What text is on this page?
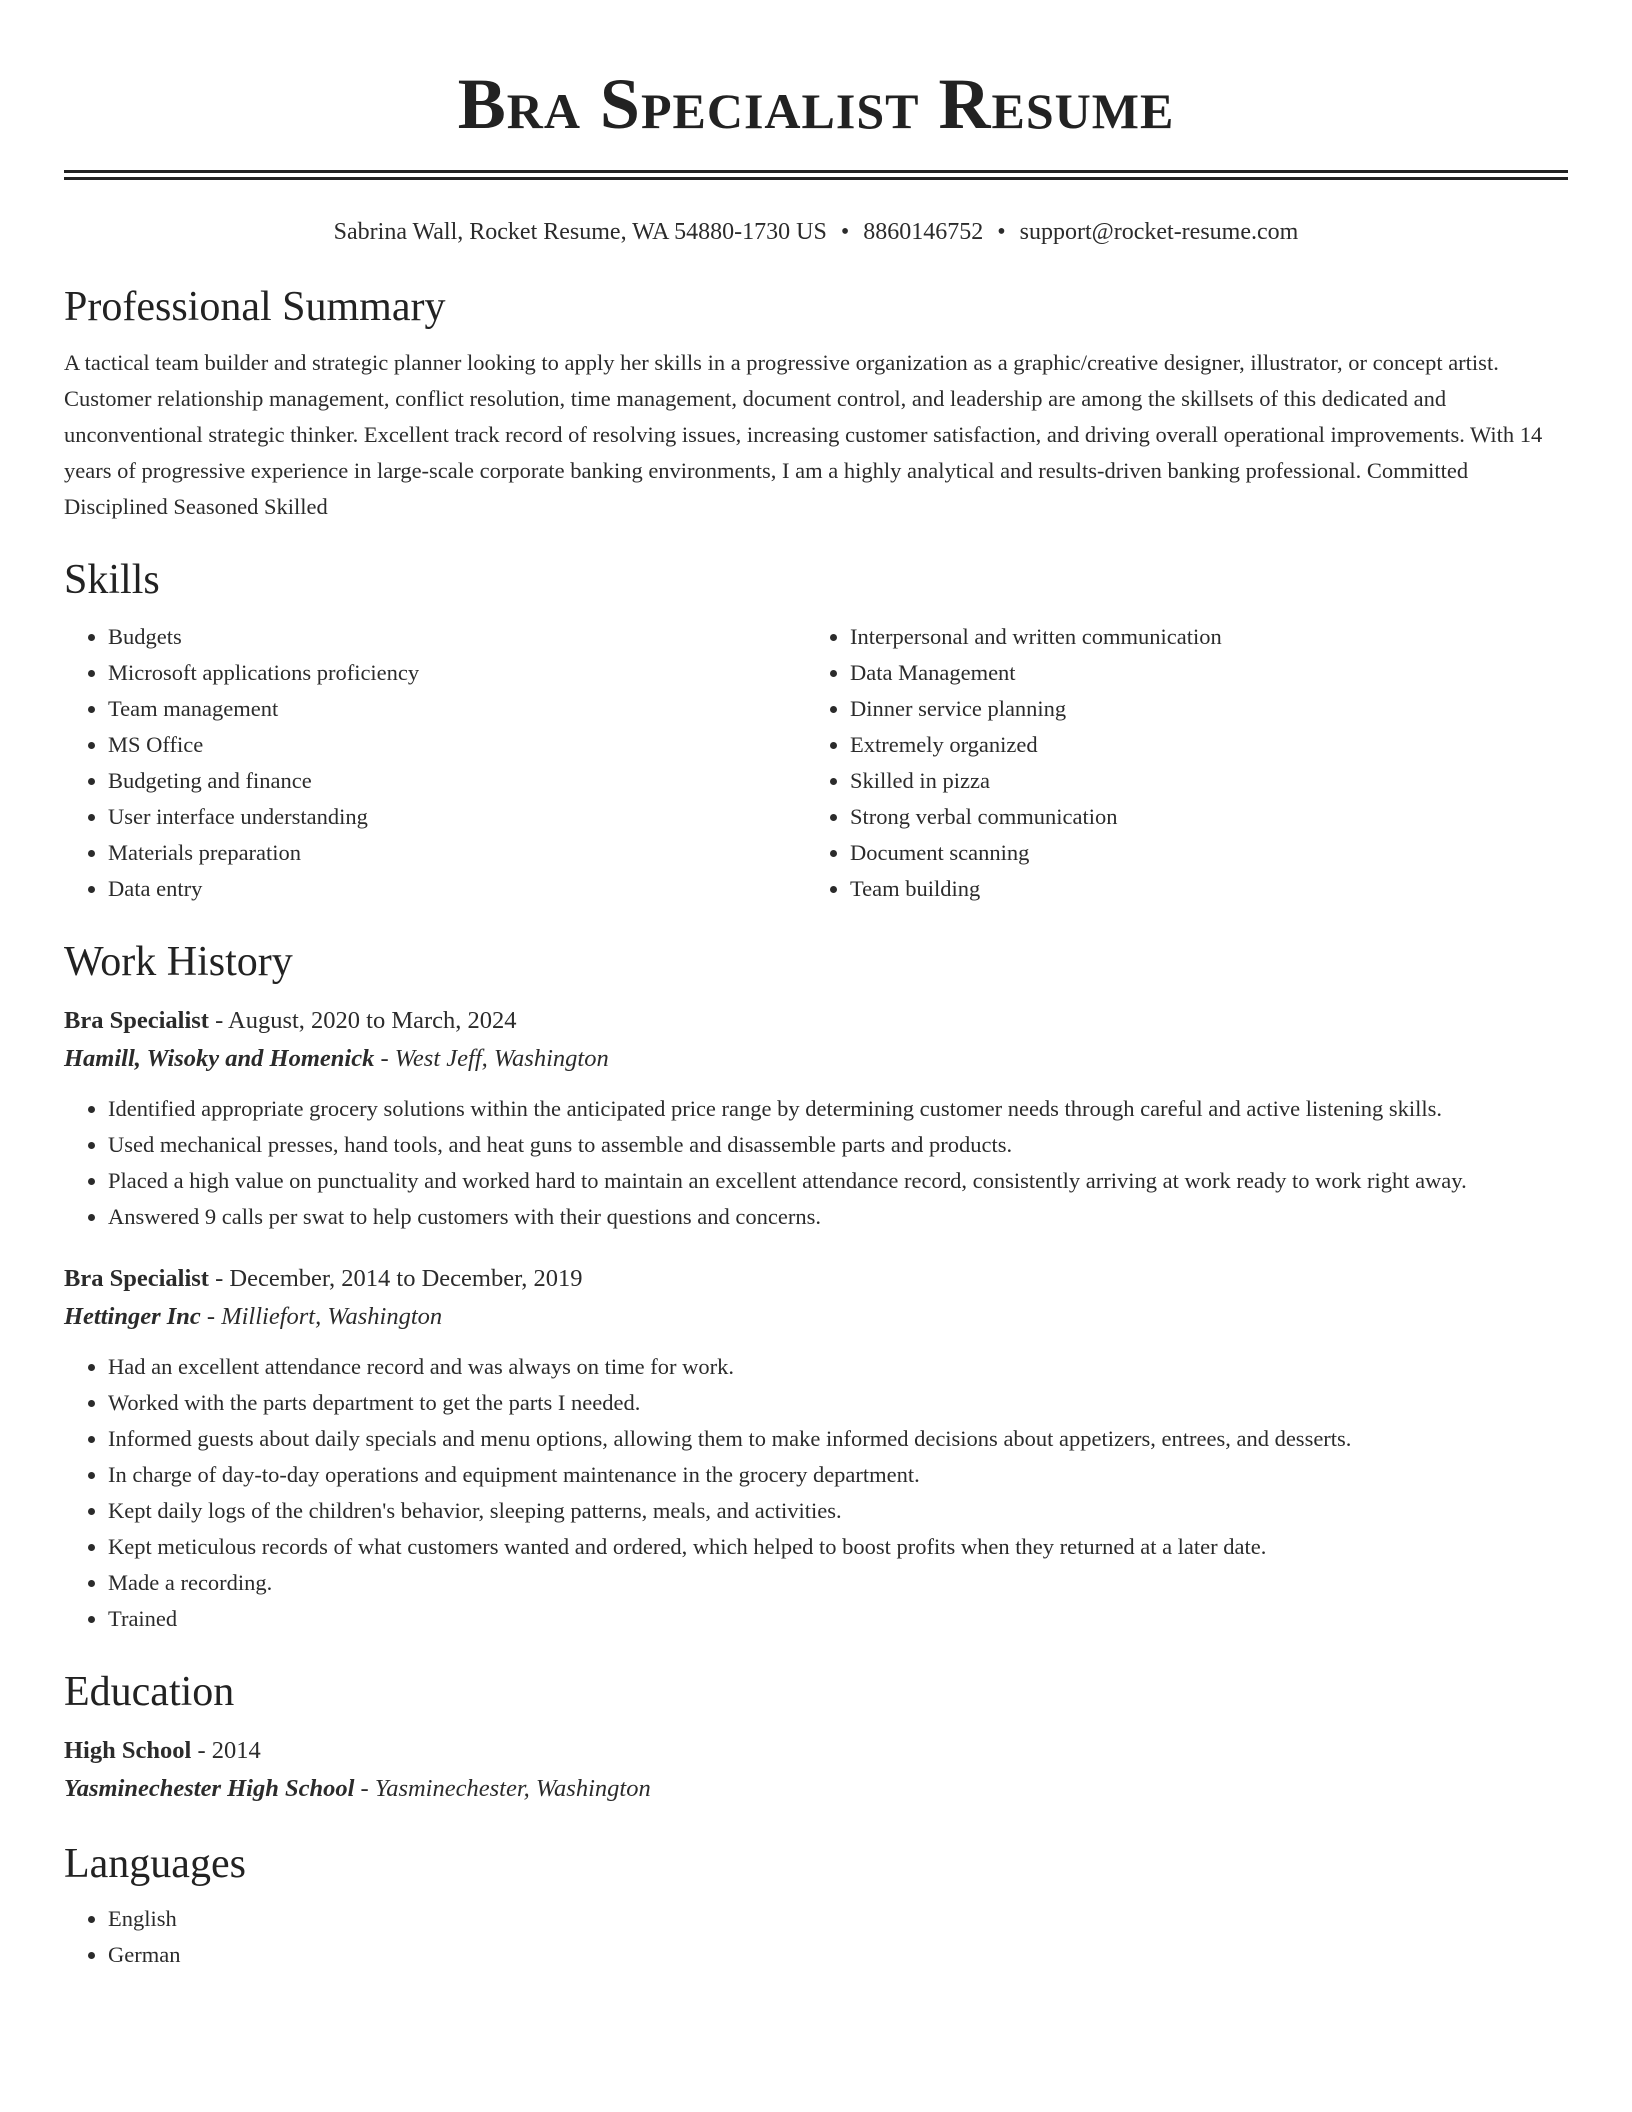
Bra Specialist Resume
Sabrina Wall, Rocket Resume, WA 54880-1730 US • 8860146752 • support@rocket-resume.com
Professional Summary

A tactical team builder and strategic planner looking to apply her skills in a progressive organization as a graphic/creative designer, illustrator, or concept artist. Customer relationship management, conflict resolution, time management, document control, and leadership are among the skillsets of this dedicated and unconventional strategic thinker. Excellent track record of resolving issues, increasing customer satisfaction, and driving overall operational improvements. With 14 years of progressive experience in large-scale corporate banking environments, I am a highly analytical and results-driven banking professional. Committed Disciplined Seasoned Skilled

Skills
• Budgets
• Microsoft applications proficiency
• Team management
• MS Office
• Budgeting and finance
• User interface understanding
• Materials preparation
• Data entry
• Interpersonal and written communication
• Data Management
• Dinner service planning
• Extremely organized
• Skilled in pizza
• Strong verbal communication
• Document scanning
• Team building
Work History
Bra Specialist - August, 2020 to March, 2024
Hamill, Wisoky and Homenick - West Jeff, Washington
• Identified appropriate grocery solutions within the anticipated price range by determining customer needs through careful and active listening skills.
• Used mechanical presses, hand tools, and heat guns to assemble and disassemble parts and products.
• Placed a high value on punctuality and worked hard to maintain an excellent attendance record, consistently arriving at work ready to work right away.
• Answered 9 calls per swat to help customers with their questions and concerns.
Bra Specialist - December, 2014 to December, 2019
Hettinger Inc - Milliefort, Washington
• Had an excellent attendance record and was always on time for work.
• Worked with the parts department to get the parts I needed.
• Informed guests about daily specials and menu options, allowing them to make informed decisions about appetizers, entrees, and desserts.
• In charge of day-to-day operations and equipment maintenance in the grocery department.
• Kept daily logs of the children's behavior, sleeping patterns, meals, and activities.
• Kept meticulous records of what customers wanted and ordered, which helped to boost profits when they returned at a later date.
• Made a recording.
• Trained
Education
High School - 2014
Yasminechester High School - Yasminechester, Washington
Languages
• English
• German
